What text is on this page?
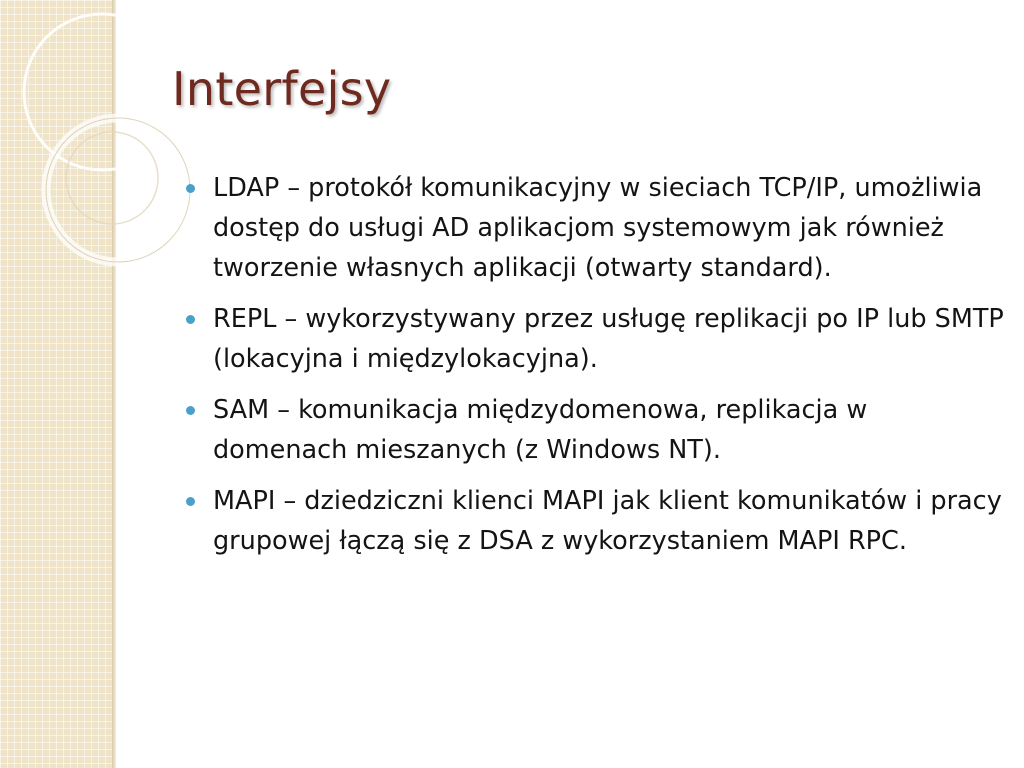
Interfejsy
LDAP – protokół komunikacyjny w sieciach TCP/IP, umożliwia dostęp do usługi AD aplikacjom systemowym jak również tworzenie własnych aplikacji (otwarty standard).
REPL – wykorzystywany przez usługę replikacji po IP lub SMTP (lokacyjna i międzylokacyjna).
SAM – komunikacja międzydomenowa, replikacja w domenach mieszanych (z Windows NT).
MAPI – dziedziczni klienci MAPI jak klient komunikatów i pracy grupowej łączą się z DSA z wykorzystaniem MAPI RPC.
